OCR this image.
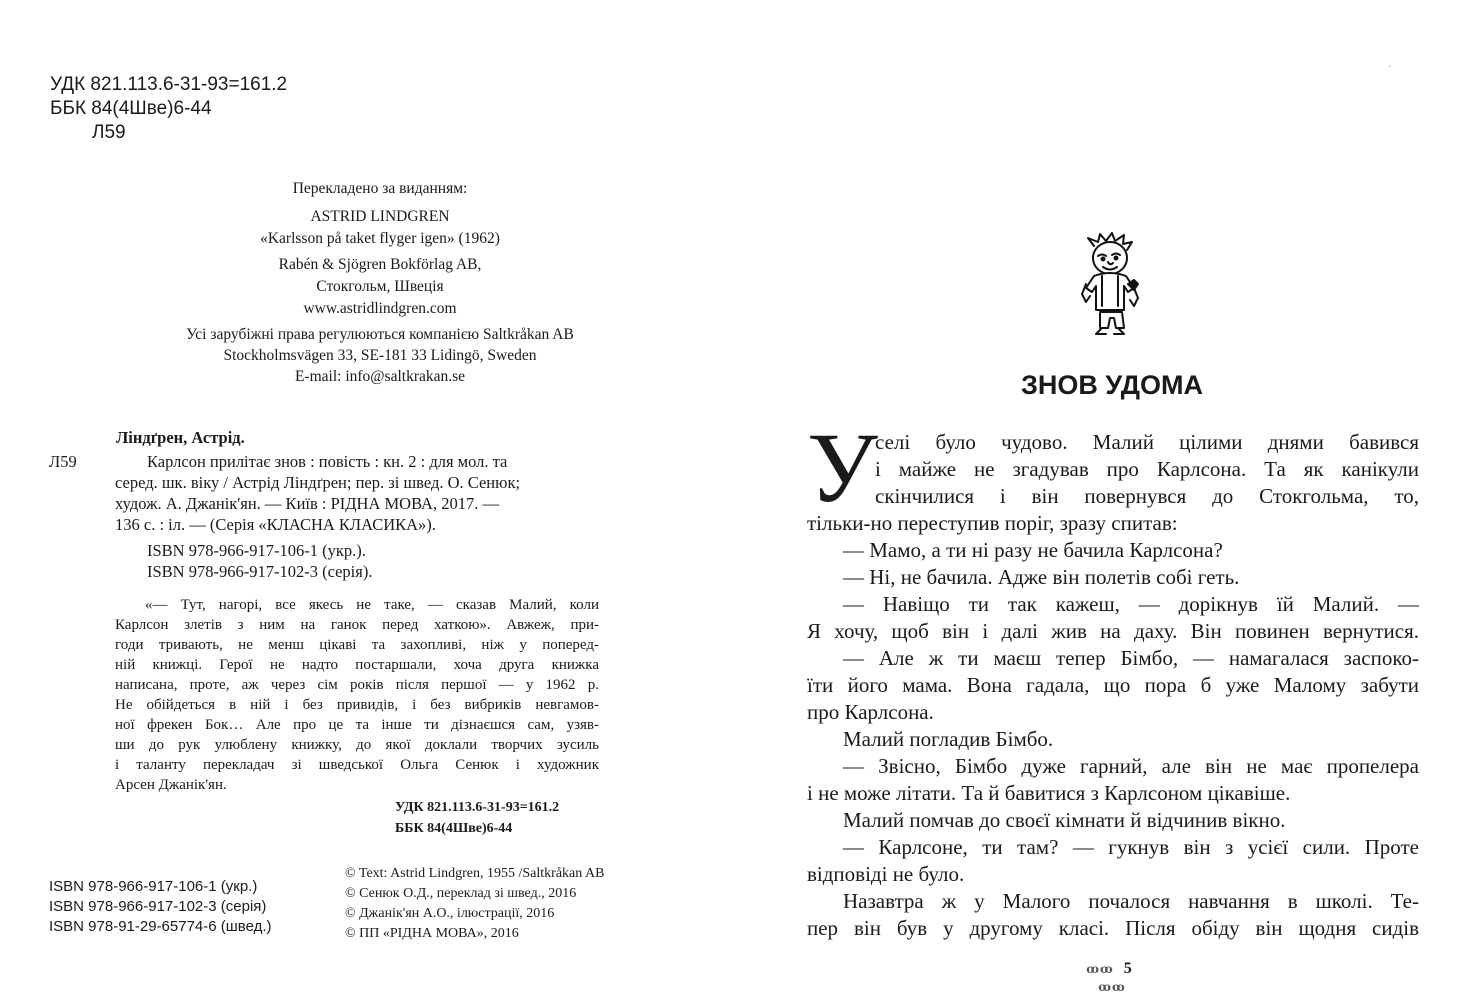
УДК 821.113.6-31-93=161.2
ББК 84(4Шве)6-44
Л59
Перекладено за виданням:
ASTRID LINDGREN
«Karlsson på taket flyger igen» (1962)
Rabén & Sjögren Bokförlag AB,
Стокгольм, Швеція
www.astridlindgren.com
Усі зарубіжні права регулюються компанією Saltkråkan AB
Stockholmsvägen 33, SE-181 33 Lidingö, Sweden
E-mail: info@saltkrakan.se
Ліндґрен, Астрід.
Л59	Карлсон прилітає знов : повість : кн. 2 : для мол. та
серед. шк. віку / Астрід Ліндґрен; пер. зі швед. О. Сенюк;
худож. А. Джанік'ян. — Київ : РІДНА МОВА, 2017. —
136 с. : іл. — (Серія «КЛАСНА КЛАСИКА»).
ISBN 978-966-917-106-1 (укр.).
ISBN 978-966-917-102-3 (серія).
«— Тут, нагорі, все якесь не таке, — сказав Малий, коли
Карлсон злетів з ним на ганок перед хаткою». Авжеж, при-
годи тривають, не менш цікаві та захопливі, ніж у поперед-
ній книжці. Герої не надто постаршали, хоча друга книжка
написана, проте, аж через сім років після першої — у 1962 р.
Не обійдеться в ній і без привидів, і без вибриків невгамов-
ної фрекен Бок… Але про це та інше ти дізнаєшся сам, узяв-
ши до рук улюблену книжку, до якої доклали творчих зусиль
і таланту перекладач зі шведської Ольга Сенюк і художник
Арсен Джанік'ян.
УДК 821.113.6-31-93=161.2
ББК 84(4Шве)6-44
ISBN 978-966-917-106-1 (укр.)
ISBN 978-966-917-102-3 (серія)
ISBN 978-91-29-65774-6 (швед.)
© Text: Astrid Lindgren, 1955 /Saltkråkan AB
© Сенюк О.Д., переклад зі швед., 2016
© Джанік'ян А.О., ілюстрації, 2016
© ПП «РІДНА МОВА», 2016
·
ЗНОВ УДОМА
У
селі було чудово. Малий цілими днями бавився
і майже не згадував про Карлсона. Та як канікули
скінчилися і він повернувся до Стокгольма, то,
тільки-но переступив поріг, зразу спитав:
— Мамо, а ти ні разу не бачила Карлсона?
— Ні, не бачила. Адже він полетів собі геть.
— Навіщо ти так кажеш, — дорікнув їй Малий. —
Я хочу, щоб він і далі жив на даху. Він повинен вернутися.
— Але ж ти маєш тепер Бімбо, — намагалася заспоко-
їти його мама. Вона гадала, що пора б уже Малому забути
про Карлсона.
Малий погладив Бімбо.
— Звісно, Бімбо дуже гарний, але він не має пропелера
і не може літати. Та й бавитися з Карлсоном цікавіше.
Малий помчав до своєї кімнати й відчинив вікно.
— Карлсоне, ти там? — гукнув він з усієї сили. Проте
відповіді не було.
Назавтра ж у Малого почалося навчання в школі. Те-
пер він був у другому класі. Після обіду він щодня сидів
ꝏꝏ 5 ꝏꝏ
